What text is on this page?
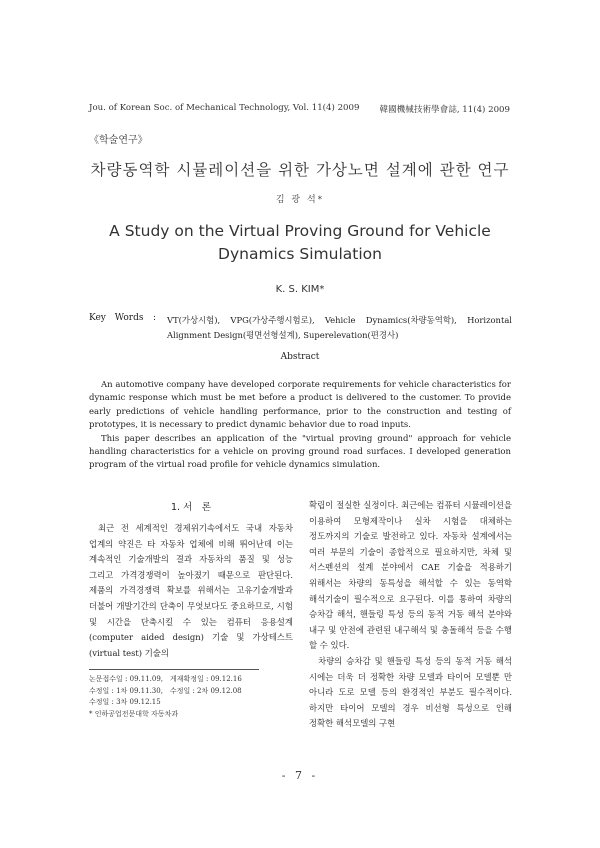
Jou. of Korean Soc. of Mechanical Technology, Vol. 11(4) 2009 韓國機械技術學會誌, 11(4) 2009
《학술연구》
차량동역학 시뮬레이션을 위한 가상노면 설계에 관한 연구
김 광 석*
A Study on the Virtual Proving Ground for Vehicle Dynamics Simulation
K. S. KIM*
Key Words : VT(가상시험), VPG(가상주행시험로), Vehicle Dynamics(차량동역학), Horizontal Alignment Design(평면선형설계), Superelevation(편경사)
Abstract

An automotive company have developed corporate requirements for vehicle characteristics for dynamic response which must be met before a product is delivered to the customer. To provide early predictions of vehicle handling performance, prior to the construction and testing of prototypes, it is necessary to predict dynamic behavior due to road inputs.

This paper describes an application of the "virtual proving ground" approach for vehicle handling characteristics for a vehicle on proving ground road surfaces. I developed generation program of the virtual road profile for vehicle dynamics simulation.

1. 서　론

최근 전 세계적인 경제위기속에서도 국내 자동차 업계의 약진은 타 자동차 업체에 비해 뛰어난데 이는 계속적인 기술개발의 결과 자동차의 품질 및 성능 그리고 가격경쟁력이 높아졌기 때문으로 판단된다. 제품의 가격경쟁력 확보를 위해서는 고유기술개발과 더불어 개발기간의 단축이 무엇보다도 중요하므로, 시험 및 시간을 단축시킬 수 있는 컴퓨터 응용설계(computer aided design) 기술 및 가상테스트(virtual test) 기술의

확립이 절실한 실정이다. 최근에는 컴퓨터 시뮬레이션을 이용하여 모형제작이나 실차 시험을 대체하는 정도까지의 기술로 발전하고 있다. 자동차 설계에서는 여러 부문의 기술이 종합적으로 필요하지만, 차체 및 서스펜션의 설계 분야에서 CAE 기술을 적용하기 위해서는 차량의 동특성을 해석할 수 있는 동역학 해석기술이 필수적으로 요구된다. 이를 통하여 차량의 승차감 해석, 핸들링 특성 등의 동적 거동 해석 분야와 내구 및 안전에 관련된 내구해석 및 충돌해석 등을 수행 할 수 있다.

차량의 승차감 및 핸들링 특성 등의 동적 거동 해석 시에는 더욱 더 정확한 차량 모델과 타이어 모델뿐 만 아니라 도로 모델 등의 환경적인 부분도 필수적이다. 하지만 타이어 모델의 경우 비선형 특성으로 인해 정확한 해석모델의 구현

논문접수일 : 09.11.09,　게재확정일 : 09.12.16
수정일 : 1차 09.11.30,　수정일 : 2차 09.12.08
수정일 : 3차 09.12.15
* 인하공업전문대학 자동차과
- 7 -
